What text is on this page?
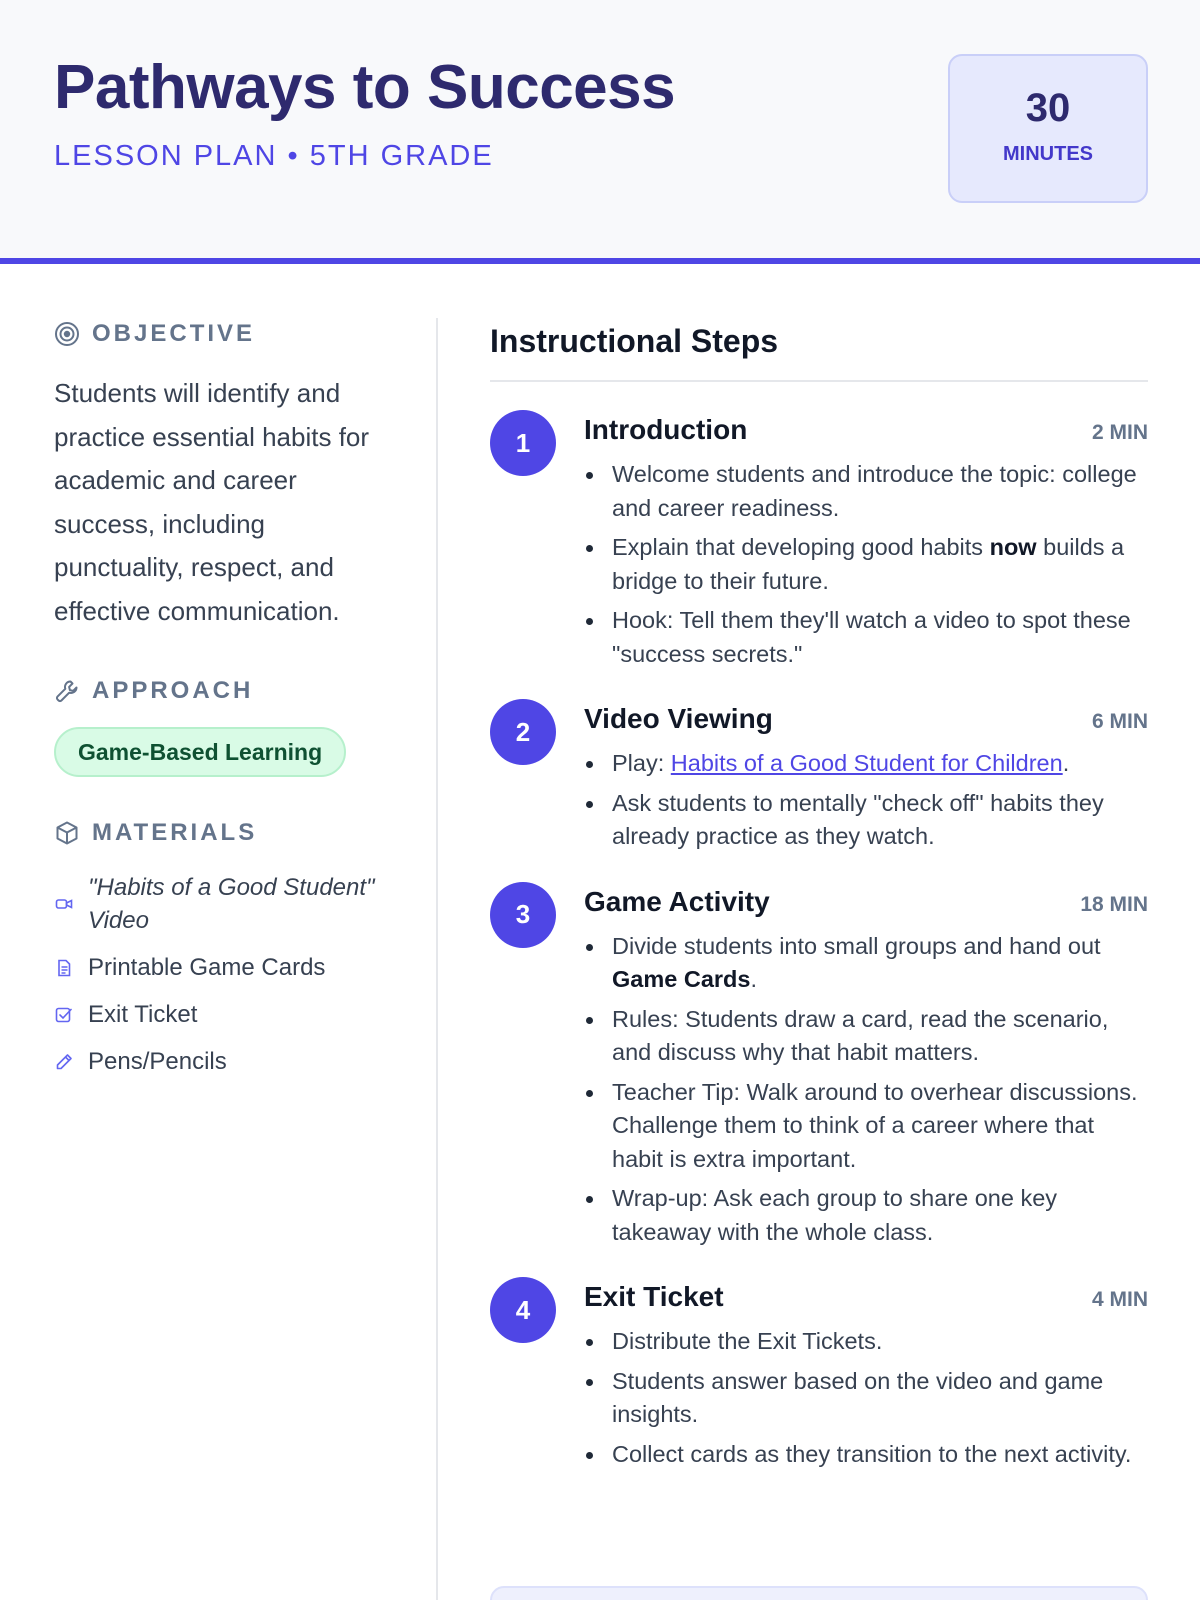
Pathways to Success
LESSON PLAN • 5TH GRADE
30
MINUTES
OBJECTIVE

Students will identify and practice essential habits for academic and career success, including punctuality, respect, and effective communication.

APPROACH
Game-Based Learning
MATERIALS
"Habits of a Good Student" Video
Printable Game Cards
Exit Ticket
Pens/Pencils
Instructional Steps
1	Introduction	2 MIN
Welcome students and introduce the topic: college and career readiness.
Explain that developing good habits now builds a bridge to their future.
Hook: Tell them they'll watch a video to spot these "success secrets."
2	Video Viewing	6 MIN
Play: Habits of a Good Student for Children.
Ask students to mentally "check off" habits they already practice as they watch.
3	Game Activity	18 MIN
Divide students into small groups and hand out Game Cards.
Rules: Students draw a card, read the scenario, and discuss why that habit matters.
Teacher Tip: Walk around to overhear discussions. Challenge them to think of a career where that habit is extra important.
Wrap-up: Ask each group to share one key takeaway with the whole class.
4	Exit Ticket	4 MIN
Distribute the Exit Tickets.
Students answer based on the video and game insights.
Collect cards as they transition to the next activity.
